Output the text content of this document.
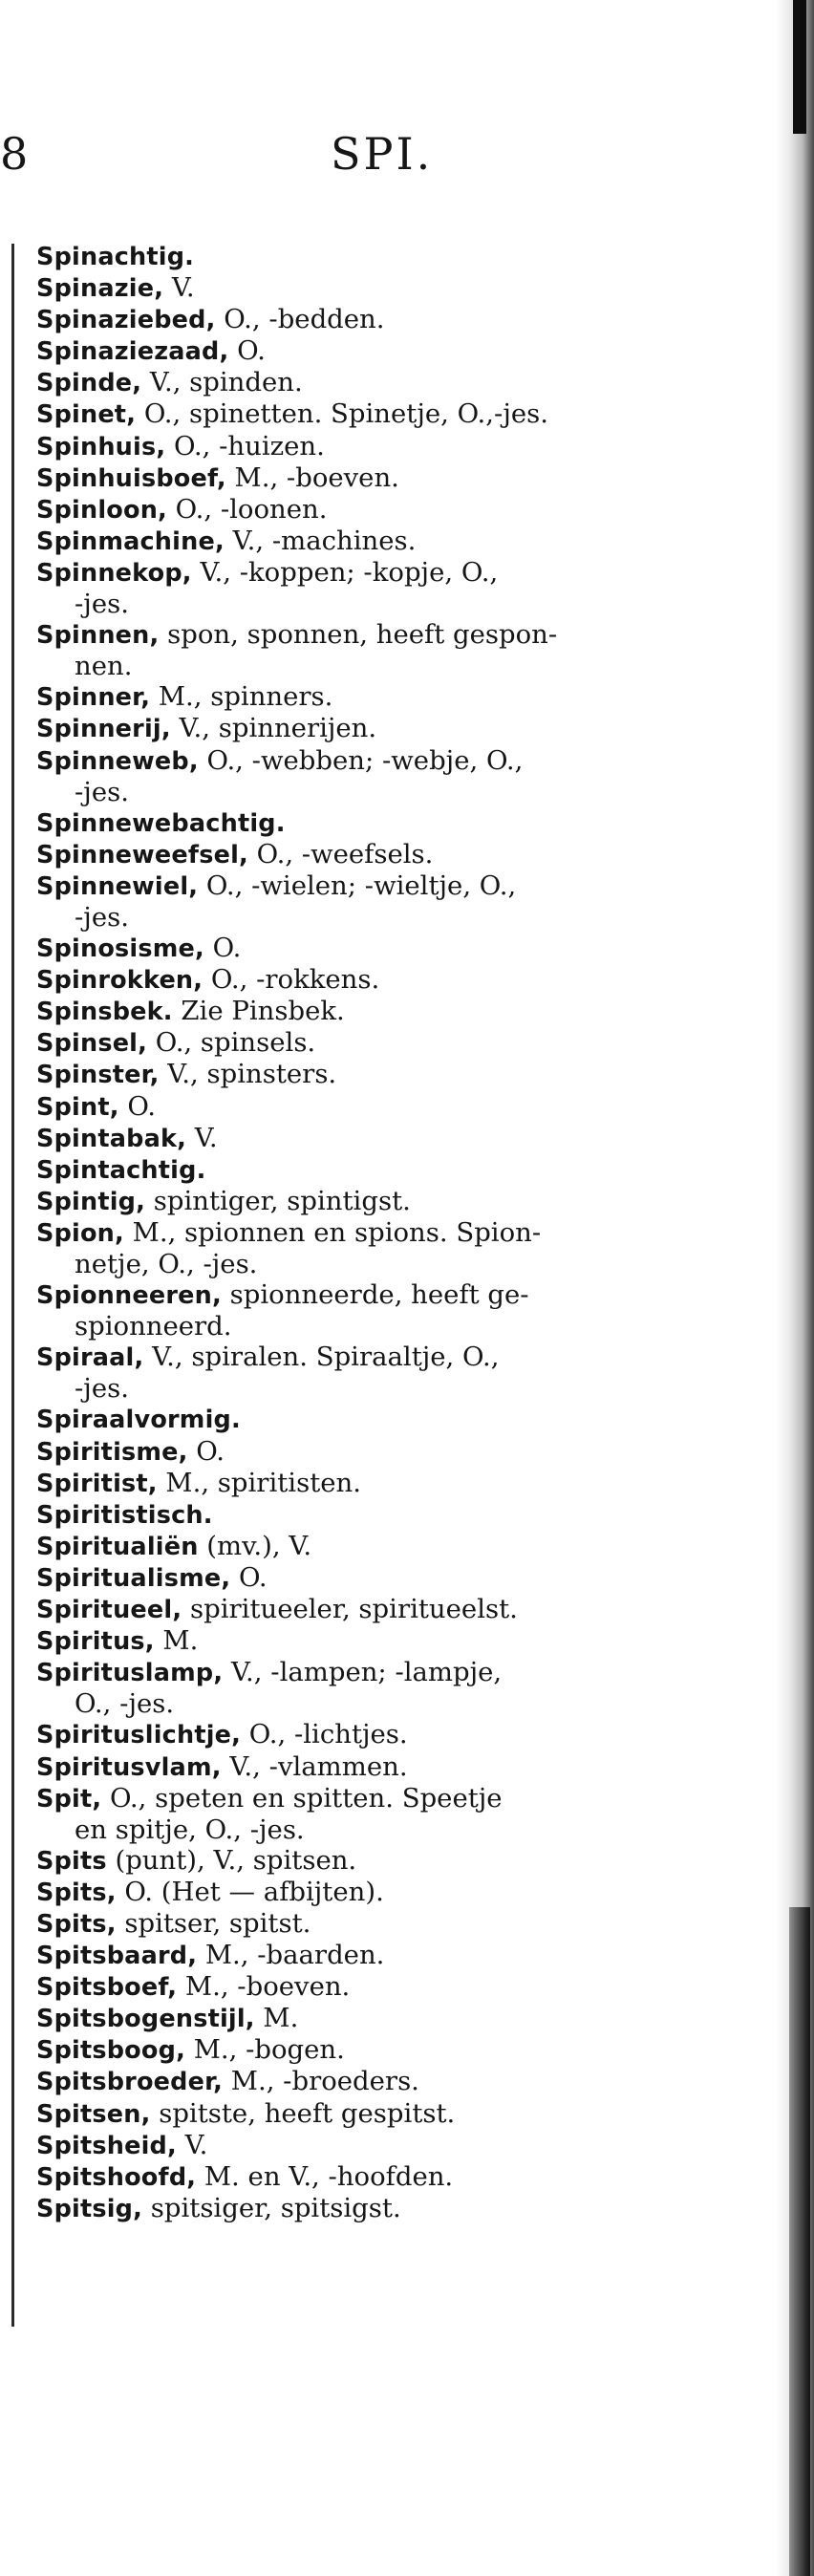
8	SPI.
Spinachtig.
Spinazie, V.
Spinaziebed, O., -bedden.
Spinaziezaad, O.
Spinde, V., spinden.
Spinet, O., spinetten. Spinetje, O.,-jes.
Spinhuis, O., -huizen.
Spinhuisboef, M., -boeven.
Spinloon, O., -loonen.
Spinmachine, V., -machines.
Spinnekop, V., -koppen; -kopje, O.,
-jes.
Spinnen, spon, sponnen, heeft gespon-
nen.
Spinner, M., spinners.
Spinnerij, V., spinnerijen.
Spinneweb, O., -webben; -webje, O.,
-jes.
Spinnewebachtig.
Spinneweefsel, O., -weefsels.
Spinnewiel, O., -wielen; -wieltje, O.,
-jes.
Spinosisme, O.
Spinrokken, O., -rokkens.
Spinsbek. Zie Pinsbek.
Spinsel, O., spinsels.
Spinster, V., spinsters.
Spint, O.
Spintabak, V.
Spintachtig.
Spintig, spintiger, spintigst.
Spion, M., spionnen en spions. Spion-
netje, O., -jes.
Spionneeren, spionneerde, heeft ge-
spionneerd.
Spiraal, V., spiralen. Spiraaltje, O.,
-jes.
Spiraalvormig.
Spiritisme, O.
Spiritist, M., spiritisten.
Spiritistisch.
Spiritualiën (mv.), V.
Spiritualisme, O.
Spiritueel, spiritueeler, spiritueelst.
Spiritus, M.
Spirituslamp, V., -lampen; -lampje,
O., -jes.
Spirituslichtje, O., -lichtjes.
Spiritusvlam, V., -vlammen.
Spit, O., speten en spitten. Speetje
en spitje, O., -jes.
Spits (punt), V., spitsen.
Spits, O. (Het — afbijten).
Spits, spitser, spitst.
Spitsbaard, M., -baarden.
Spitsboef, M., -boeven.
Spitsbogenstijl, M.
Spitsboog, M., -bogen.
Spitsbroeder, M., -broeders.
Spitsen, spitste, heeft gespitst.
Spitsheid, V.
Spitshoofd, M. en V., -hoofden.
Spitsig, spitsiger, spitsigst.
